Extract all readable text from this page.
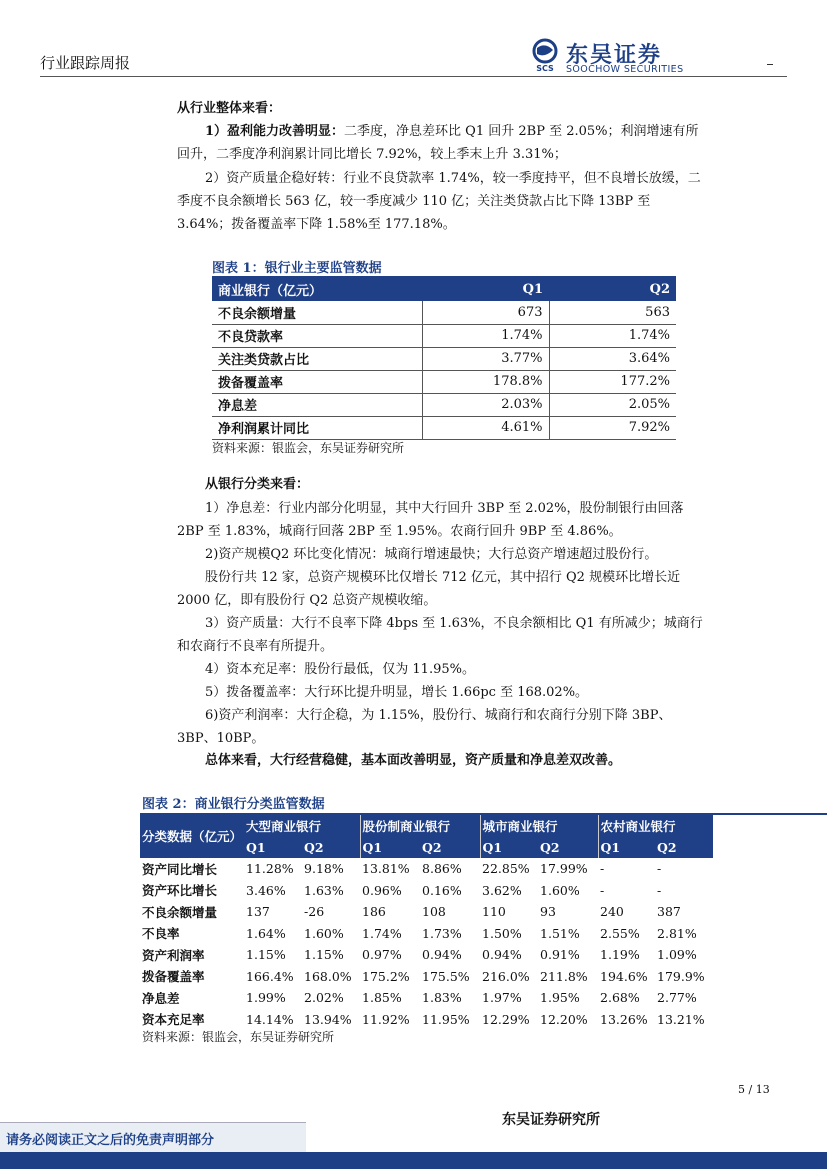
行业跟踪周报	SCS
东吴证券
SOOCHOW SECURITIES
从行业整体来看：
1）盈利能力改善明显：二季度，净息差环比 Q1 回升 2BP 至 2.05%；利润增速有所回升，二季度净利润累计同比增长 7.92%，较上季末上升 3.31%；
2）资产质量企稳好转：行业不良贷款率 1.74%，较一季度持平，但不良增长放缓，二季度不良余额增长 563 亿，较一季度减少 110 亿；关注类贷款占比下降 13BP 至 3.64%；拨备覆盖率下降 1.58%至 177.18%。
图表 1：银行业主要监管数据
商业银行（亿元）	Q1	Q2
不良余额增量	673	563
不良贷款率	1.74%	1.74%
关注类贷款占比	3.77%	3.64%
拨备覆盖率	178.8%	177.2%
净息差	2.03%	2.05%
净利润累计同比	4.61%	7.92%
资料来源：银监会，东吴证券研究所
从银行分类来看：
1）净息差：行业内部分化明显，其中大行回升 3BP 至 2.02%，股份制银行由回落 2BP 至 1.83%，城商行回落 2BP 至 1.95%。农商行回升 9BP 至 4.86%。
2)资产规模Q2 环比变化情况：城商行增速最快；大行总资产增速超过股份行。
股份行共 12 家，总资产规模环比仅增长 712 亿元，其中招行 Q2 规模环比增长近 2000 亿，即有股份行 Q2 总资产规模收缩。
3）资产质量：大行不良率下降 4bps 至 1.63%，不良余额相比 Q1 有所减少；城商行和农商行不良率有所提升。
4）资本充足率：股份行最低，仅为 11.95%。
5）拨备覆盖率：大行环比提升明显，增长 1.66pc 至 168.02%。
6)资产利润率：大行企稳，为 1.15%，股份行、城商行和农商行分别下降 3BP、3BP、10BP。
总体来看，大行经营稳健，基本面改善明显，资产质量和净息差双改善。
图表 2：商业银行分类监管数据
分类数据（亿元）	大型商业银行		股份制商业银行		城市商业银行		农村商业银行	
	Q1	Q2	Q1	Q2	Q1	Q2	Q1	Q2
资产同比增长	11.28%	9.18%	13.81%	8.86%	22.85%	17.99%	-	-
资产环比增长	3.46%	1.63%	0.96%	0.16%	3.62%	1.60%	-	-
不良余额增量	137	-26	186	108	110	93	240	387
不良率	1.64%	1.60%	1.74%	1.73%	1.50%	1.51%	2.55%	2.81%
资产利润率	1.15%	1.15%	0.97%	0.94%	0.94%	0.91%	1.19%	1.09%
拨备覆盖率	166.4%	168.0%	175.2%	175.5%	216.0%	211.8%	194.6%	179.9%
净息差	1.99%	2.02%	1.85%	1.83%	1.97%	1.95%	2.68%	2.77%
资本充足率	14.14%	13.94%	11.92%	11.95%	12.29%	12.20%	13.26%	13.21%
资料来源：银监会，东吴证券研究所
5 / 13
东吴证券研究所
请务必阅读正文之后的免责声明部分
